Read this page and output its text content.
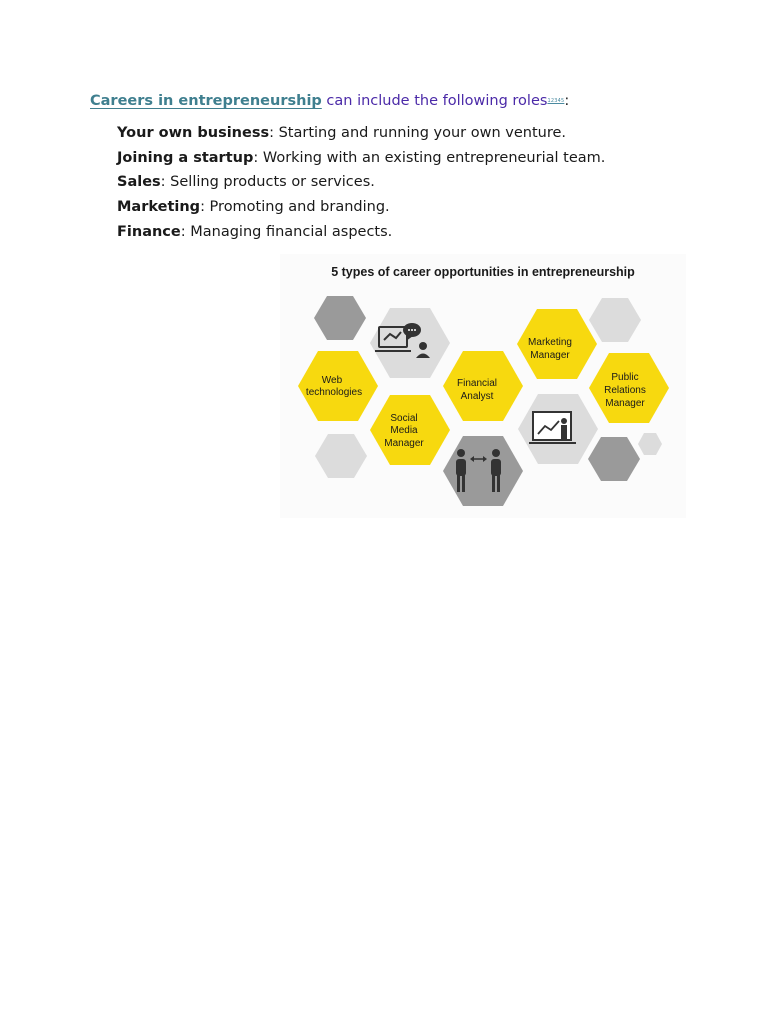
Careers in entrepreneurship can include the following roles12345:

Your own business: Starting and running your own venture.
Joining a startup: Working with an existing entrepreneurial team.
Sales: Selling products or services.
Marketing: Promoting and branding.
Finance: Managing financial aspects.
5 types of career opportunities in entrepreneurship
Web
technologies
Social
Media
Manager
Financial
Analyst
Marketing
Manager
Public
Relations
Manager
